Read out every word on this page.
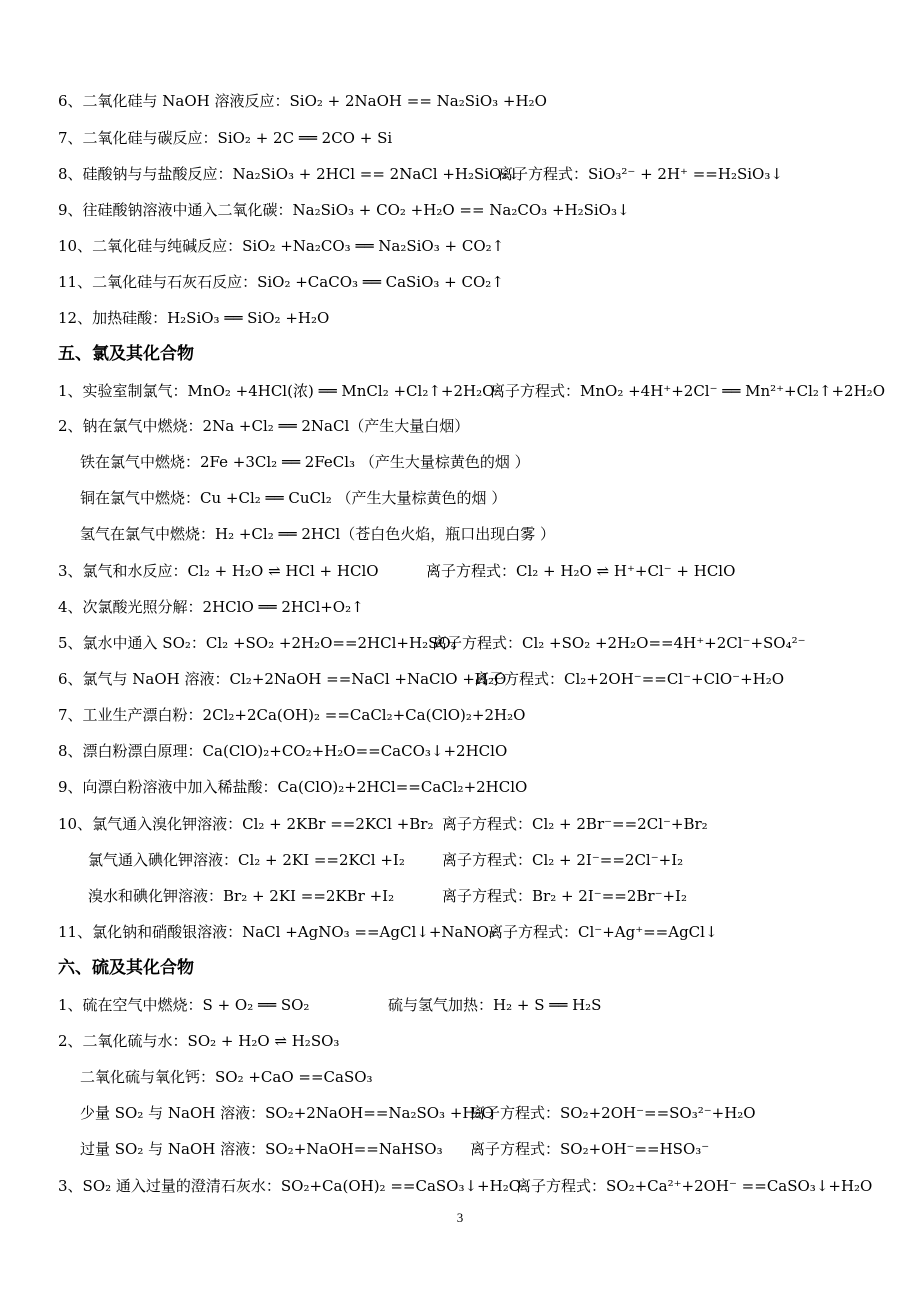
6、二氧化硅与 NaOH 溶液反应：SiO₂ + 2NaOH == Na₂SiO₃ +H₂O
7、二氧化硅与碳反应：SiO₂ + 2C ══ 2CO + Si
8、硅酸钠与与盐酸反应：Na₂SiO₃ + 2HCl == 2NaCl +H₂SiO₃↓
离子方程式：SiO₃²⁻ + 2H⁺ ==H₂SiO₃↓
9、往硅酸钠溶液中通入二氧化碳：Na₂SiO₃ + CO₂ +H₂O == Na₂CO₃ +H₂SiO₃↓
10、二氧化硅与纯碱反应：SiO₂ +Na₂CO₃ ══ Na₂SiO₃ + CO₂↑
11、二氧化硅与石灰石反应：SiO₂ +CaCO₃ ══ CaSiO₃ + CO₂↑
12、加热硅酸：H₂SiO₃ ══ SiO₂ +H₂O
五、氯及其化合物
1、实验室制氯气：MnO₂ +4HCl(浓) ══ MnCl₂ +Cl₂↑+2H₂O
离子方程式：MnO₂ +4H⁺+2Cl⁻ ══ Mn²⁺+Cl₂↑+2H₂O
2、钠在氯气中燃烧：2Na +Cl₂ ══ 2NaCl（产生大量白烟）
铁在氯气中燃烧：2Fe +3Cl₂ ══ 2FeCl₃ （产生大量棕黄色的烟 ）
铜在氯气中燃烧：Cu +Cl₂ ══ CuCl₂ （产生大量棕黄色的烟 ）
氢气在氯气中燃烧：H₂ +Cl₂ ══ 2HCl（苍白色火焰，瓶口出现白雾 ）
3、氯气和水反应：Cl₂ + H₂O ⇌ HCl + HClO	离子方程式：Cl₂ + H₂O ⇌ H⁺+Cl⁻ + HClO
4、次氯酸光照分解：2HClO ══ 2HCl+O₂↑
5、氯水中通入 SO₂：Cl₂ +SO₂ +2H₂O==2HCl+H₂SO₄
离子方程式：Cl₂ +SO₂ +2H₂O==4H⁺+2Cl⁻+SO₄²⁻
6、氯气与 NaOH 溶液：Cl₂+2NaOH ==NaCl +NaClO +H₂O
离子方程式：Cl₂+2OH⁻==Cl⁻+ClO⁻+H₂O
7、工业生产漂白粉：2Cl₂+2Ca(OH)₂ ==CaCl₂+Ca(ClO)₂+2H₂O
8、漂白粉漂白原理：Ca(ClO)₂+CO₂+H₂O==CaCO₃↓+2HClO
9、向漂白粉溶液中加入稀盐酸：Ca(ClO)₂+2HCl==CaCl₂+2HClO
10、氯气通入溴化钾溶液：Cl₂ + 2KBr ==2KCl +Br₂ 离子方程式：Cl₂ + 2Br⁻==2Cl⁻+Br₂
氯气通入碘化钾溶液：Cl₂ + 2KI ==2KCl +I₂ 离子方程式：Cl₂ + 2I⁻==2Cl⁻+I₂
溴水和碘化钾溶液：Br₂ + 2KI ==2KBr +I₂	离子方程式：Br₂ + 2I⁻==2Br⁻+I₂
11、氯化钠和硝酸银溶液：NaCl +AgNO₃ ==AgCl↓+NaNO₃
离子方程式：Cl⁻+Ag⁺==AgCl↓
六、硫及其化合物
1、硫在空气中燃烧：S + O₂ ══ SO₂	硫与氢气加热：H₂ + S ══ H₂S
2、二氧化硫与水：SO₂ + H₂O ⇌ H₂SO₃
二氧化硫与氧化钙：SO₂ +CaO ==CaSO₃
少量 SO₂ 与 NaOH 溶液：SO₂+2NaOH==Na₂SO₃ +H₂O
离子方程式：SO₂+2OH⁻==SO₃²⁻+H₂O
过量 SO₂ 与 NaOH 溶液：SO₂+NaOH==NaHSO₃ 离子方程式：SO₂+OH⁻==HSO₃⁻
3、SO₂ 通入过量的澄清石灰水：SO₂+Ca(OH)₂ ==CaSO₃↓+H₂O
离子方程式：SO₂+Ca²⁺+2OH⁻ ==CaSO₃↓+H₂O
3
